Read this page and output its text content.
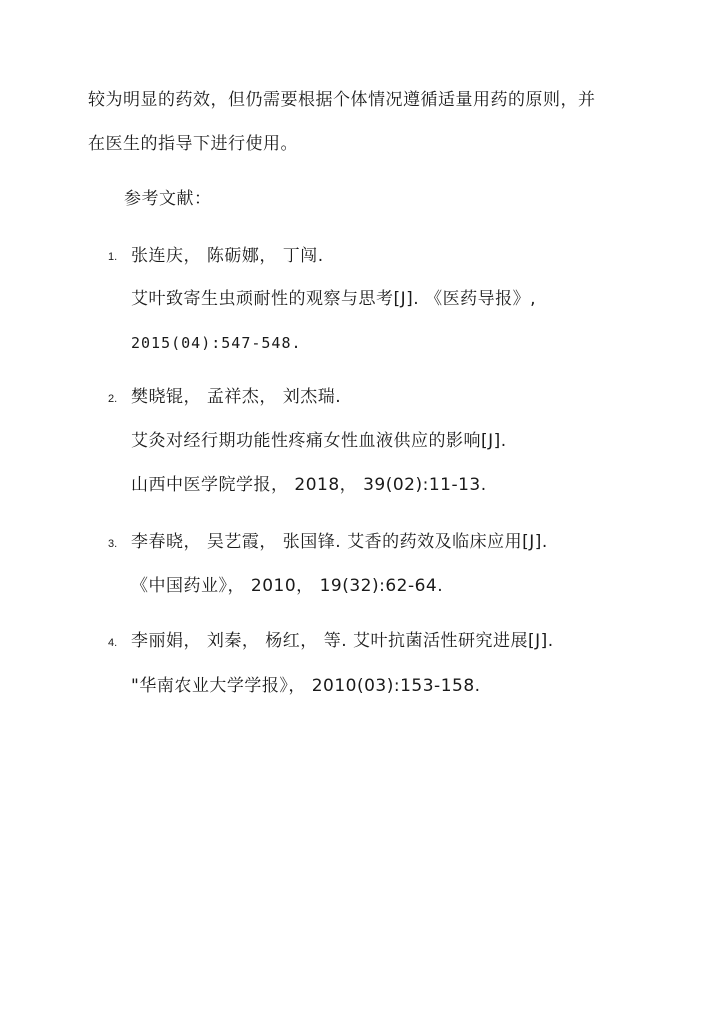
较为明显的药效，但仍需要根据个体情况遵循适量用药的原则，并
在医生的指导下进行使用。
参考文献：
1. 张连庆， 陈砺娜， 丁闯.
艾叶致寄生虫顽耐性的观察与思考[J]. 《医药导报》,
2015(04):547-548.
2. 樊晓锟， 孟祥杰， 刘杰瑞.
艾灸对经行期功能性疼痛女性血液供应的影响[J].
山西中医学院学报， 2018， 39(02):11-13.
3. 李春晓， 吴艺霞， 张国锋. 艾香的药效及临床应用[J].
《中国药业》， 2010， 19(32):62-64.
4. 李丽娟， 刘秦， 杨红， 等. 艾叶抗菌活性研究进展[J].
"华南农业大学学报》， 2010(03):153-158.
